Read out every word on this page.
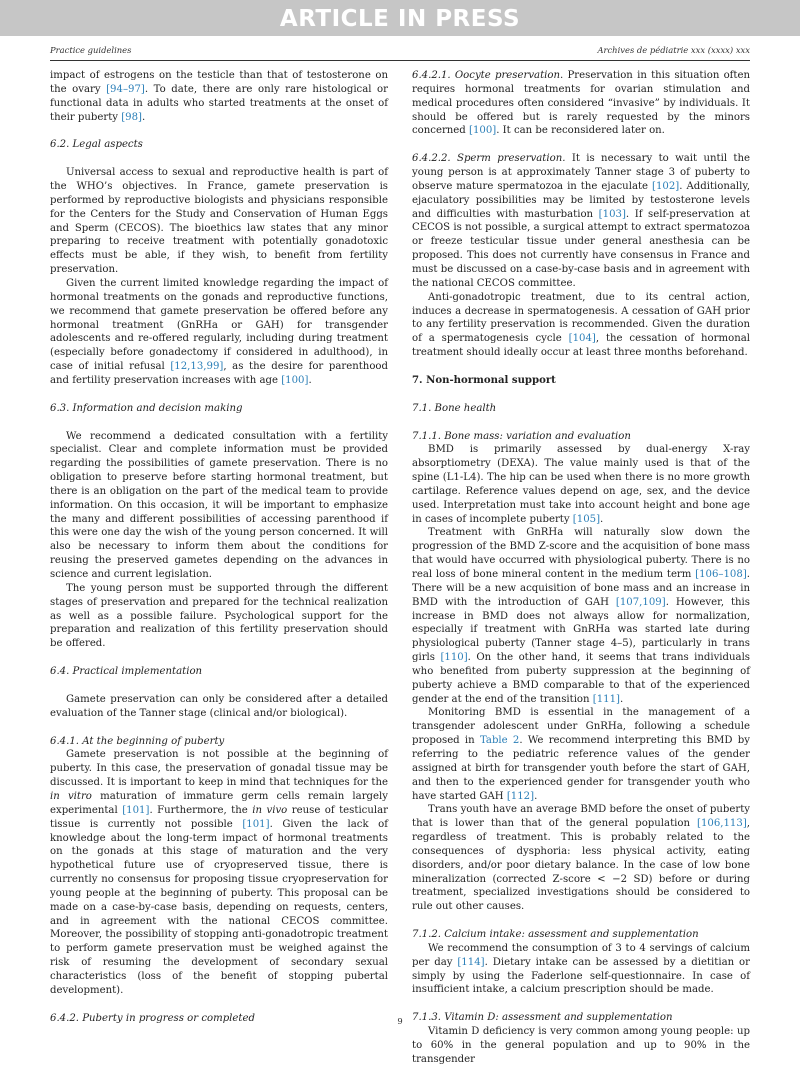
ARTICLE IN PRESS
Practice guidelines	Archives de pédiatrie xxx (xxxx) xxx

impact of estrogens on the testicle than that of testosterone on the ovary [94–97]. To date, there are only rare histological or functional data in adults who started treatments at the onset of their puberty [98].

6.2. Legal aspects

Universal access to sexual and reproductive health is part of the WHO’s objectives. In France, gamete preservation is performed by reproductive biologists and physicians responsible for the Centers for the Study and Conservation of Human Eggs and Sperm (CECOS). The bioethics law states that any minor preparing to receive treatment with potentially gonadotoxic effects must be able, if they wish, to benefit from fertility preservation.

Given the current limited knowledge regarding the impact of hormonal treatments on the gonads and reproductive functions, we recommend that gamete preservation be offered before any hormonal treatment (GnRHa or GAH) for transgender adolescents and re-offered regularly, including during treatment (especially before gonadectomy if considered in adulthood), in case of initial refusal [12,13,99], as the desire for parenthood and fertility preservation increases with age [100].

6.3. Information and decision making

We recommend a dedicated consultation with a fertility specialist. Clear and complete information must be provided regarding the possibilities of gamete preservation. There is no obligation to preserve before starting hormonal treatment, but there is an obligation on the part of the medical team to provide information. On this occasion, it will be important to emphasize the many and different possibilities of accessing parenthood if this were one day the wish of the young person concerned. It will also be necessary to inform them about the conditions for reusing the preserved gametes depending on the advances in science and current legislation.

The young person must be supported through the different stages of preservation and prepared for the technical realization as well as a possible failure. Psychological support for the preparation and realization of this fertility preservation should be offered.

6.4. Practical implementation

Gamete preservation can only be considered after a detailed evaluation of the Tanner stage (clinical and/or biological).

6.4.1. At the beginning of puberty

Gamete preservation is not possible at the beginning of puberty. In this case, the preservation of gonadal tissue may be discussed. It is important to keep in mind that techniques for the in vitro maturation of immature germ cells remain largely experimental [101]. Furthermore, the in vivo reuse of testicular tissue is currently not possible [101]. Given the lack of knowledge about the long-term impact of hormonal treatments on the gonads at this stage of maturation and the very hypothetical future use of cryopreserved tissue, there is currently no consensus for proposing tissue cryopreservation for young people at the beginning of puberty. This proposal can be made on a case-by-case basis, depending on requests, centers, and in agreement with the national CECOS committee. Moreover, the possibility of stopping anti-gonadotropic treatment to perform gamete preservation must be weighed against the risk of resuming the development of secondary sexual characteristics (loss of the benefit of stopping pubertal development).

6.4.2. Puberty in progress or completed

6.4.2.1. Oocyte preservation. Preservation in this situation often requires hormonal treatments for ovarian stimulation and medical procedures often considered “invasive” by individuals. It should be offered but is rarely requested by the minors concerned [100]. It can be reconsidered later on.

6.4.2.2. Sperm preservation. It is necessary to wait until the young person is at approximately Tanner stage 3 of puberty to observe mature spermatozoa in the ejaculate [102]. Additionally, ejaculatory possibilities may be limited by testosterone levels and difficulties with masturbation [103]. If self-preservation at CECOS is not possible, a surgical attempt to extract spermatozoa or freeze testicular tissue under general anesthesia can be proposed. This does not currently have consensus in France and must be discussed on a case-by-case basis and in agreement with the national CECOS committee.

Anti-gonadotropic treatment, due to its central action, induces a decrease in spermatogenesis. A cessation of GAH prior to any fertility preservation is recommended. Given the duration of a spermatogenesis cycle [104], the cessation of hormonal treatment should ideally occur at least three months beforehand.

7. Non-hormonal support
7.1. Bone health
7.1.1. Bone mass: variation and evaluation

BMD is primarily assessed by dual-energy X-ray absorptiometry (DEXA). The value mainly used is that of the spine (L1-L4). The hip can be used when there is no more growth cartilage. Reference values depend on age, sex, and the device used. Interpretation must take into account height and bone age in cases of incomplete puberty [105].

Treatment with GnRHa will naturally slow down the progression of the BMD Z-score and the acquisition of bone mass that would have occurred with physiological puberty. There is no real loss of bone mineral content in the medium term [106–108]. There will be a new acquisition of bone mass and an increase in BMD with the introduction of GAH [107,109]. However, this increase in BMD does not always allow for normalization, especially if treatment with GnRHa was started late during physiological puberty (Tanner stage 4–5), particularly in trans girls [110]. On the other hand, it seems that trans individuals who benefited from puberty suppression at the beginning of puberty achieve a BMD comparable to that of the experienced gender at the end of the transition [111].

Monitoring BMD is essential in the management of a transgender adolescent under GnRHa, following a schedule proposed in Table 2. We recommend interpreting this BMD by referring to the pediatric reference values of the gender assigned at birth for transgender youth before the start of GAH, and then to the experienced gender for transgender youth who have started GAH [112].

Trans youth have an average BMD before the onset of puberty that is lower than that of the general population [106,113], regardless of treatment. This is probably related to the consequences of dysphoria: less physical activity, eating disorders, and/or poor dietary balance. In the case of low bone mineralization (corrected Z-score < −2 SD) before or during treatment, specialized investigations should be considered to rule out other causes.

7.1.2. Calcium intake: assessment and supplementation

We recommend the consumption of 3 to 4 servings of calcium per day [114]. Dietary intake can be assessed by a dietitian or simply by using the Faderlone self-questionnaire. In case of insufficient intake, a calcium prescription should be made.

7.1.3. Vitamin D: assessment and supplementation

Vitamin D deficiency is very common among young people: up to 60% in the general population and up to 90% in the transgender

9
